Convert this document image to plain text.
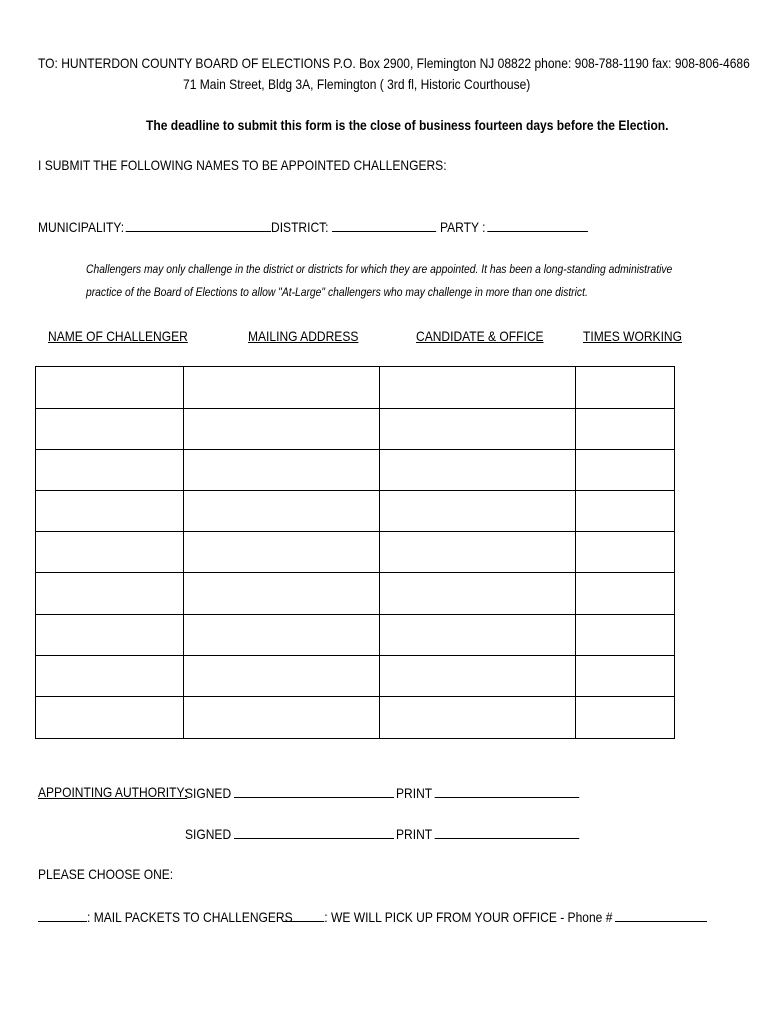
TO: HUNTERDON COUNTY BOARD OF ELECTIONS P.O. Box 2900, Flemington NJ 08822 phone: 908-788-1190 fax: 908-806-4686
71 Main Street, Bldg 3A, Flemington ( 3rd fl, Historic Courthouse)
The deadline to submit this form is the close of business fourteen days before the Election.
I SUBMIT THE FOLLOWING NAMES TO BE APPOINTED CHALLENGERS:
MUNICIPALITY:	DISTRICT:	PARTY :
Challengers may only challenge in the district or districts for which they are appointed. It has been a long-standing administrative
practice of the Board of Elections to allow "At-Large" challengers who may challenge in more than one district.
NAME OF CHALLENGER	MAILING ADDRESS	CANDIDATE & OFFICE	TIMES WORKING
APPOINTING AUTHORITY:
SIGNED	PRINT
SIGNED	PRINT
PLEASE CHOOSE ONE:
: MAIL PACKETS TO CHALLENGERS	: WE WILL PICK UP FROM YOUR OFFICE - Phone #
